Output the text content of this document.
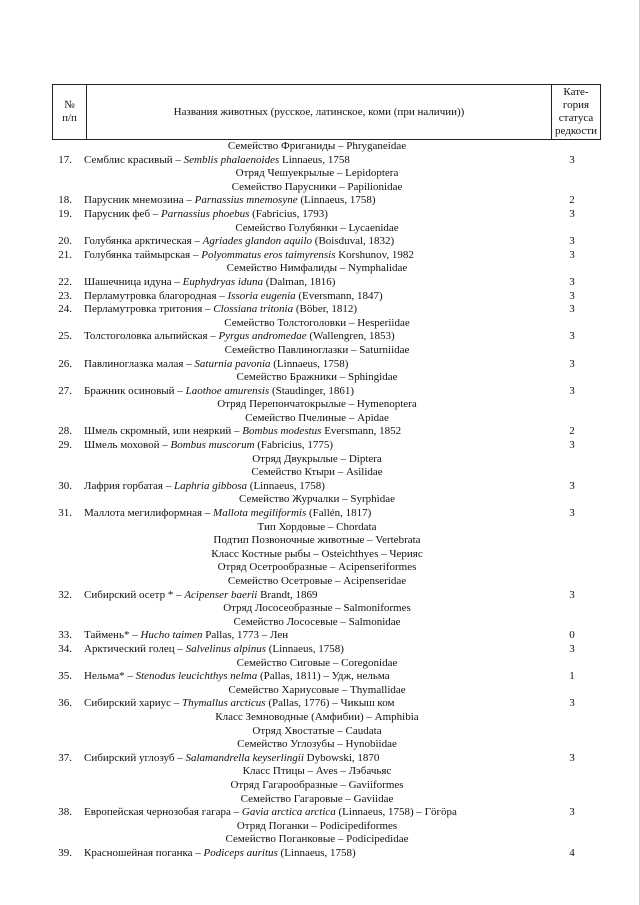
№
п/п
Названия животных (русское, латинское, коми (при наличии))
Кате-
гория
статуса
редкости
Семейство Фриганиды – Phryganeidae
17. Семблис красивый – Semblis phalaenoides Linnaeus, 1758	3
Отряд Чешуекрылые – Lepidoptera
Семейство Парусники – Papilionidae
18. Парусник мнемозина – Parnassius mnemosyne (Linnaeus, 1758)	2
19. Парусник феб – Parnassius phoebus (Fabricius, 1793)	3
Семейство Голубянки – Lycaenidae
20. Голубянка арктическая – Agriades glandon aquilo (Boisduval, 1832)	3
21. Голубянка таймырская – Polyommatus eros taimyrensis Korshunov, 1982	3
Семейство Нимфалиды – Nymphalidae
22. Шашечница идуна – Euphydryas iduna (Dalman, 1816)	3
23. Перламутровка благородная – Issoria eugenia (Eversmann, 1847)	3
24. Перламутровка тритония – Clossiana tritonia (Böber, 1812)	3
Семейство Толстоголовки – Hesperiidae
25. Толстоголовка альпийская – Pyrgus andromedae (Wallengren, 1853)	3
Семейство Павлиноглазки – Saturniidae
26. Павлиноглазка малая – Saturnia pavonia (Linnaeus, 1758)	3
Семейство Бражники – Sphingidae
27. Бражник осиновый – Laothoe amurensis (Staudinger, 1861)	3
Отряд Перепончатокрылые – Hymenoptera
Семейство Пчелиные – Apidae
28. Шмель скромный, или неяркий – Bombus modestus Eversmann, 1852	2
29. Шмель моховой – Bombus muscorum (Fabricius, 1775)	3
Отряд Двукрылые – Diptera
Семейство Ктыри – Asilidae
30. Лафрия горбатая – Laphria gibbosa (Linnaeus, 1758)	3
Семейство Журчалки – Syrphidae
31. Маллота мегилиформная – Mallota megiliformis (Fallén, 1817)	3
Тип Хордовые – Chordata
Подтип Позвоночные животные – Vertebrata
Класс Костные рыбы – Osteichthyes – Черияс
Отряд Осетрообразные – Acipenseriformes
Семейство Осетровые – Acipenseridae
32. Сибирский осетр * – Acipenser baerii Brandt, 1869	3
Отряд Лососеобразные – Salmoniformes
Семейство Лососевые – Salmonidae
33. Таймень* – Hucho taimen Pallas, 1773 – Лен	0
34. Арктический голец – Salvelinus alpinus (Linnaeus, 1758)	3
Семейство Сиговые – Coregonidae
35. Нельма* – Stenodus leucichthys nelma (Pallas, 1811) – Удж, нельма	1
Семейство Хариусовые – Thymallidae
36. Сибирский хариус – Thymallus arcticus (Pallas, 1776) – Чикыш ком	3
Класс Земноводные (Амфибии) – Amphibia
Отряд Хвостатые – Caudata
Семейство Углозубы – Hynobiidae
37. Сибирский углозуб – Salamandrella keyserlingii Dybowski, 1870	3
Класс Птицы – Aves – Лэбачьяс
Отряд Гагарообразные – Gaviiformes
Семейство Гагаровые – Gaviidae
38. Европейская чернозобая гагара – Gavia arctica arctica (Linnaeus, 1758) – Гӧгӧра	3
Отряд Поганки – Podicipediformes
Семейство Поганковые – Podicipedidae
39. Красношейная поганка – Podiceps auritus (Linnaeus, 1758)	4
